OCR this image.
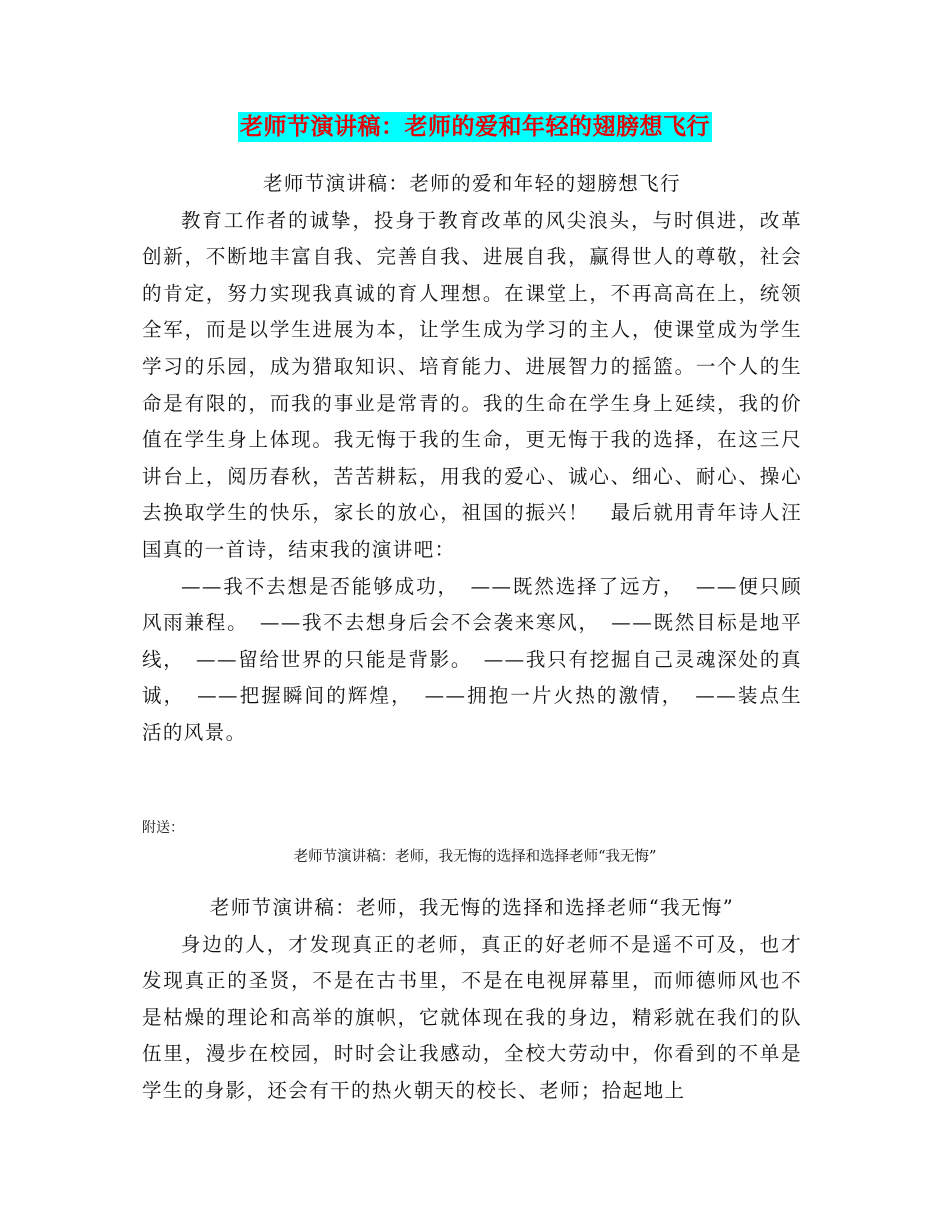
老师节演讲稿：老师的爱和年轻的翅膀想飞行

老师节演讲稿：老师的爱和年轻的翅膀想飞行

教育工作者的诚挚，投身于教育改革的风尖浪头，与时俱进，改革创新，不断地丰富自我、完善自我、进展自我，赢得世人的尊敬，社会的肯定，努力实现我真诚的育人理想。在课堂上，不再高高在上，统领全军，而是以学生进展为本，让学生成为学习的主人，使课堂成为学生学习的乐园，成为猎取知识、培育能力、进展智力的摇篮。一个人的生命是有限的，而我的事业是常青的。我的生命在学生身上延续，我的价值在学生身上体现。我无悔于我的生命，更无悔于我的选择，在这三尺讲台上，阅历春秋，苦苦耕耘，用我的爱心、诚心、细心、耐心、操心去换取学生的快乐，家长的放心，祖国的振兴！　最后就用青年诗人汪国真的一首诗，结束我的演讲吧：

——我不去想是否能够成功，　——既然选择了远方，　——便只顾风雨兼程。　——我不去想身后会不会袭来寒风，　——既然目标是地平线，　——留给世界的只能是背影。　——我只有挖掘自己灵魂深处的真诚，　——把握瞬间的辉煌，　——拥抱一片火热的激情，　——装点生活的风景。

附送：
老师节演讲稿：老师，我无悔的选择和选择老师“我无悔”

老师节演讲稿：老师，我无悔的选择和选择老师“我无悔”

身边的人，才发现真正的老师，真正的好老师不是遥不可及，也才发现真正的圣贤，不是在古书里，不是在电视屏幕里，而师德师风也不是枯燥的理论和高举的旗帜，它就体现在我的身边，精彩就在我们的队伍里，漫步在校园，时时会让我感动，全校大劳动中，你看到的不单是学生的身影，还会有干的热火朝天的校长、老师；拾起地上
